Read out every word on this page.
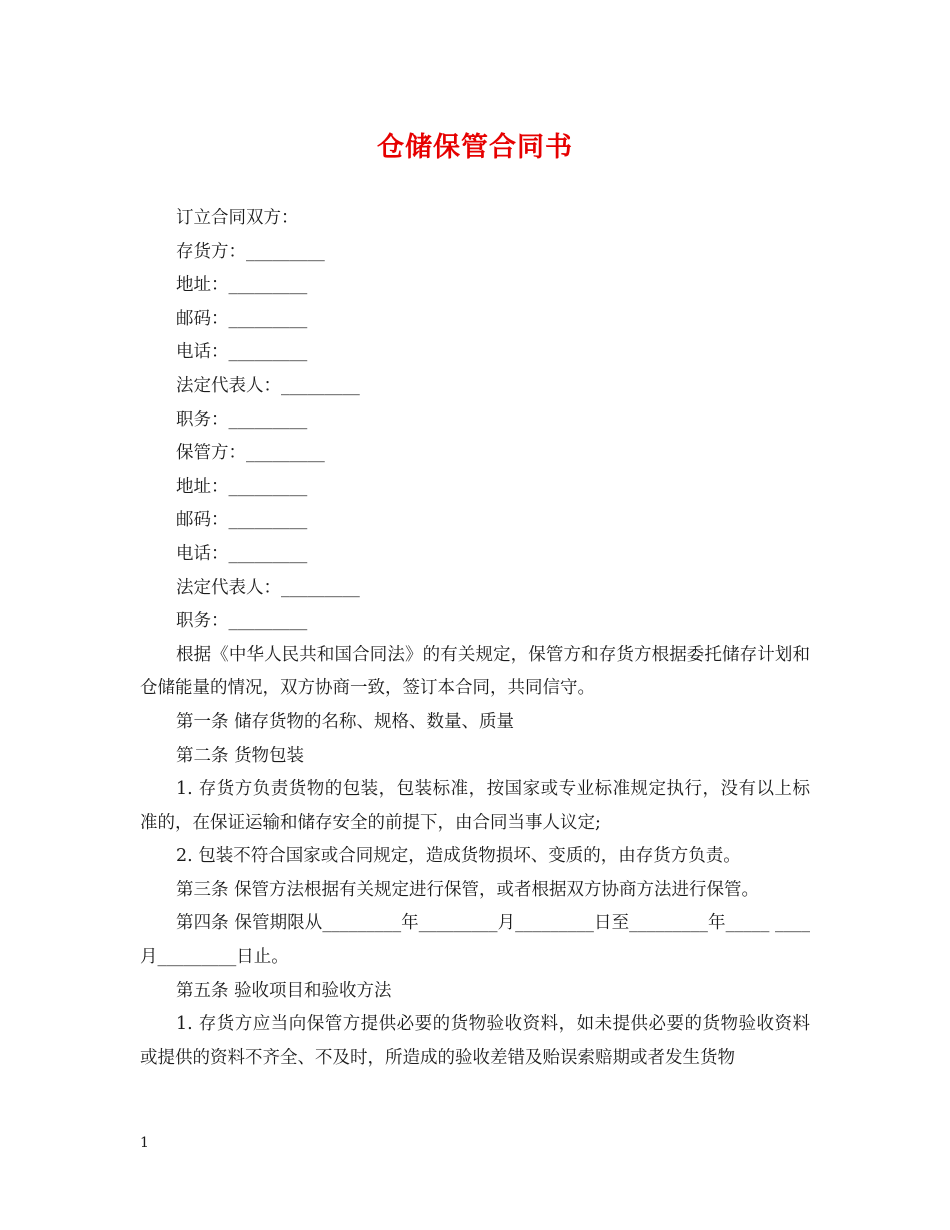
仓储保管合同书

订立合同双方：

存货方：_________

地址：_________

邮码：_________

电话：_________

法定代表人：_________

职务：_________

保管方：_________

地址：_________

邮码：_________

电话：_________

法定代表人：_________

职务：_________

根据《中华人民共和国合同法》的有关规定，保管方和存货方根据委托储存计划和仓储能量的情况，双方协商一致，签订本合同，共同信守。

第一条 储存货物的名称、规格、数量、质量

第二条 货物包装

1. 存货方负责货物的包装，包装标准，按国家或专业标准规定执行，没有以上标准的，在保证运输和储存安全的前提下，由合同当事人议定;

2. 包装不符合国家或合同规定，造成货物损坏、变质的，由存货方负责。

第三条 保管方法根据有关规定进行保管，或者根据双方协商方法进行保管。

第四条 保管期限从_________年_________月_________日至_________年_____ ____月_________日止。

第五条 验收项目和验收方法

1. 存货方应当向保管方提供必要的货物验收资料，如未提供必要的货物验收资料或提供的资料不齐全、不及时，所造成的验收差错及贻误索赔期或者发生货物

1
